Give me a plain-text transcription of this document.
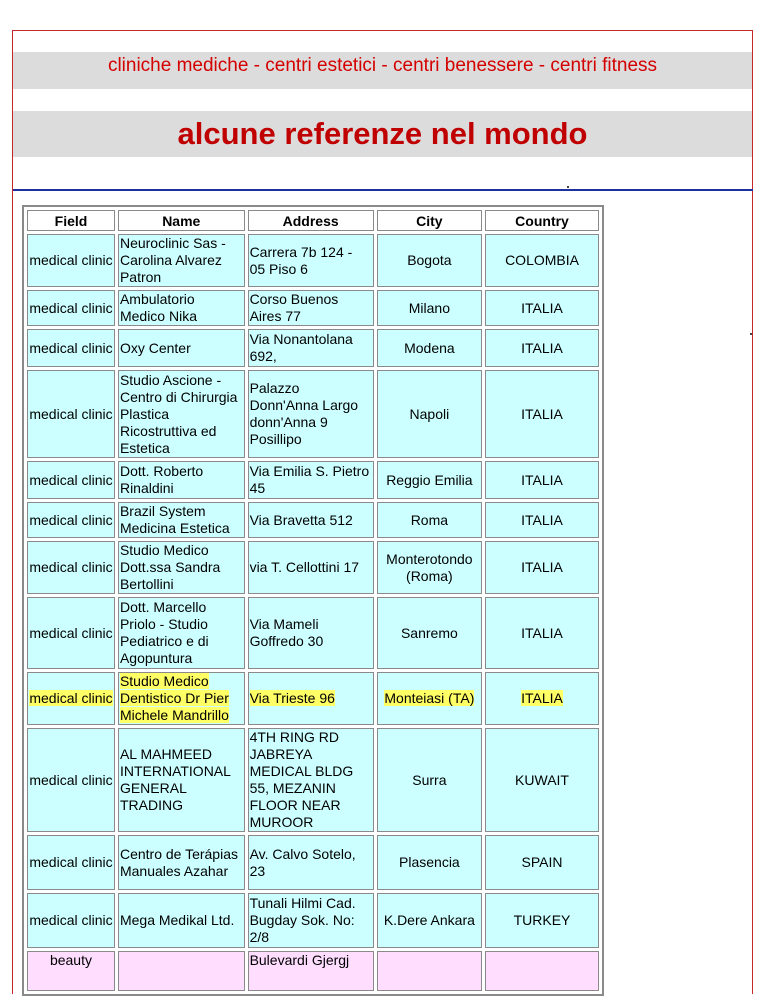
cliniche mediche - centri estetici - centri benessere - centri fitness
alcune referenze nel mondo
Field	Name	Address	City	Country
medical clinic	Neuroclinic Sas - Carolina Alvarez Patron	Carrera 7b 124 - 05 Piso 6	Bogota	COLOMBIA
medical clinic	Ambulatorio Medico Nika	Corso Buenos Aires 77	Milano	ITALIA
medical clinic	Oxy Center	Via Nonantolana 692,	Modena	ITALIA
medical clinic	Studio Ascione - Centro di Chirurgia Plastica Ricostruttiva ed Estetica	Palazzo Donn'Anna Largo donn'Anna 9 Posillipo	Napoli	ITALIA
medical clinic	Dott. Roberto Rinaldini	Via Emilia S. Pietro 45	Reggio Emilia	ITALIA
medical clinic	Brazil System Medicina Estetica	Via Bravetta 512	Roma	ITALIA
medical clinic	Studio Medico Dott.ssa Sandra Bertollini	via T. Cellottini 17	Monterotondo (Roma)	ITALIA
medical clinic	Dott. Marcello Priolo - Studio Pediatrico e di Agopuntura	Via Mameli Goffredo 30	Sanremo	ITALIA
medical clinic	Studio Medico Dentistico Dr Pier Michele Mandrillo	Via Trieste 96	Monteiasi (TA)	ITALIA
medical clinic	AL MAHMEED INTERNATIONAL GENERAL TRADING	4TH RING RD JABREYA MEDICAL BLDG 55, MEZANIN FLOOR NEAR MUROOR	Surra	KUWAIT
medical clinic	Centro de Terápias Manuales Azahar	Av. Calvo Sotelo, 23	Plasencia	SPAIN
medical clinic	Mega Medikal Ltd.	Tunali Hilmi Cad. Bugday Sok. No: 2/8	K.Dere Ankara	TURKEY
beauty		Bulevardi Gjergj		
